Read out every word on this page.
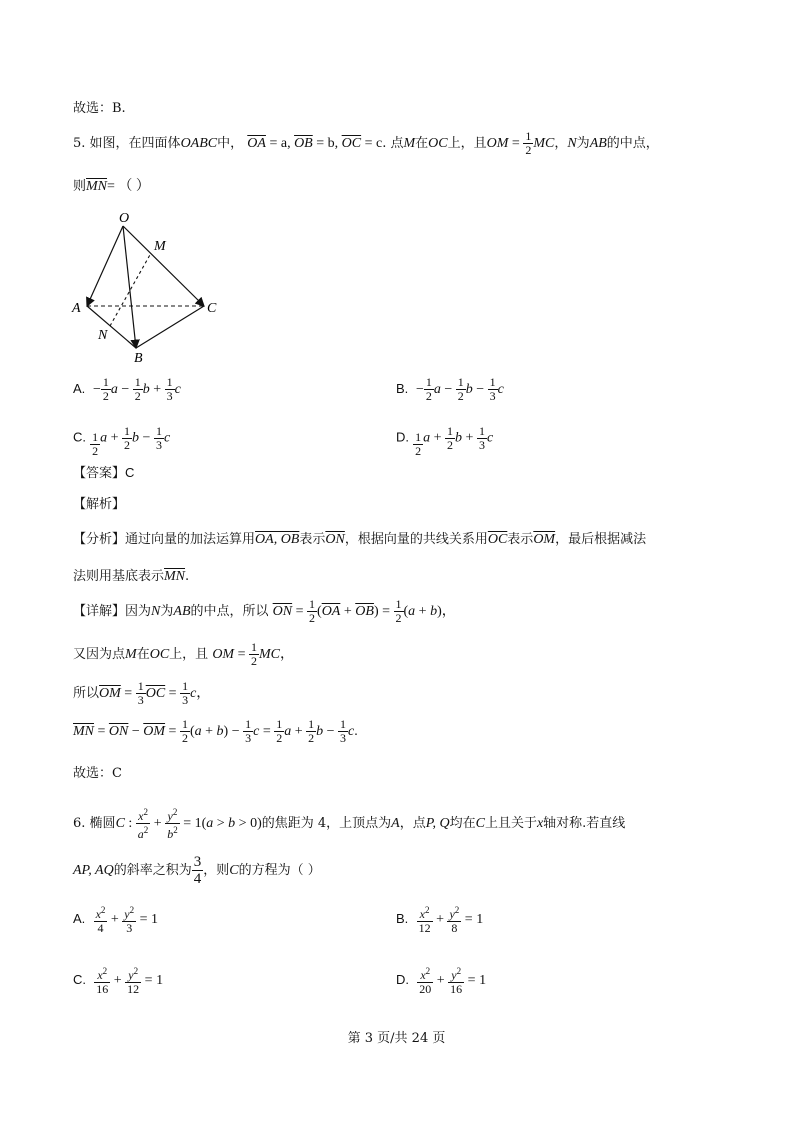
故选：B.
5. 如图，在四面体OABC中， $\overline{OA} = a$, $\overline{OB} = b$, $\overline{OC} = c$. 点M在OC上，且OM = $\frac{1}{2}$ MC，N为AB的中点，
则$\overline{MN}=$ （ ）
O
M
A	C
N
B
A.  − $\frac{1}{2}$ $a - \frac{1}{2}$ $b + \frac{1}{3}$ c	B.  − $\frac{1}{2}$ $a - \frac{1}{2}$ $b - \frac{1}{3}$ c
C. $\frac{1}{2}$ $a + \frac{1}{2}$ $b - \frac{1}{3}$ c	D. $\frac{1}{2}$ $a + \frac{1}{2}$ $b + \frac{1}{3}$ c
【答案】C
【解析】
【分析】通过向量的加法运算用OA, OB表示$\overline{ON}$，根据向量的共线关系用$\overline{OC}$表示$\overline{OM}$，最后根据减法
法则用基底表示$\overline{MN}$.
【详解】因为N为AB的中点，所以 $\overline{ON} = \frac{1}{2} (\overline{OA} + \overline{OB}) = \frac{1}{2} (a + b)$，
又因为点M在OC上，且 OM = $\frac{1}{2}$ MC，
所以$\overline{OM} = \frac{1}{3} \overline{OC} = \frac{1}{3}$ c，
$\overline{MN} = \overline{ON} - \overline{OM} = \frac{1}{2} (a + b) - \frac{1}{3}$ $c = \frac{1}{2}$ $a + \frac{1}{2}$ $b - \frac{1}{3} c$.
故选：C
6. 椭圆C : $\frac{x^2}{a^2} + \frac{y^2}{b^2} = 1(a > b > 0)$的焦距为 4，上顶点为A，点P, Q均在C上且关于x轴对称.若直线
AP, AQ的斜率之积为 $\frac{3}{4}$ ，则C的方程为（ ）
A. $\frac{x^2}{4} + \frac{y^2}{3} = 1$	B. $\frac{x^2}{12} + \frac{y^2}{8} = 1$
C. $\frac{x^2}{16} + \frac{y^2}{12} = 1$	D. $\frac{x^2}{20} + \frac{y^2}{16} = 1$
第 3 页/共 24 页
